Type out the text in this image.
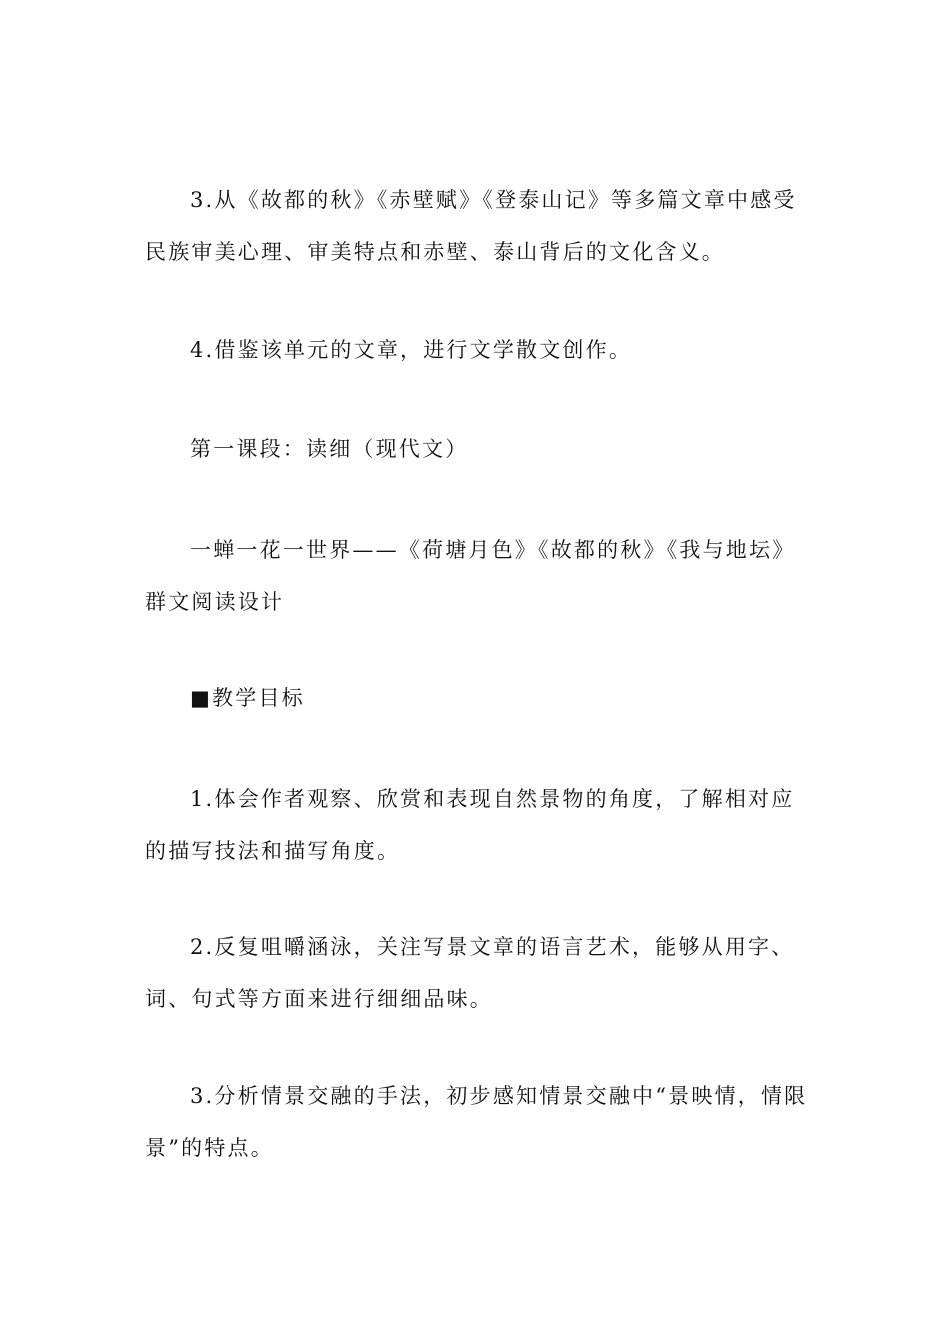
3.从《故都的秋》《赤壁赋》《登泰山记》等多篇文章中感受民族审美心理、审美特点和赤壁、泰山背后的文化含义。

4.借鉴该单元的文章，进行文学散文创作。

第一课段：读细（现代文）

一蝉一花一世界——《荷塘月色》《故都的秋》《我与地坛》群文阅读设计

■教学目标

1.体会作者观察、欣赏和表现自然景物的角度，了解相对应的描写技法和描写角度。

2.反复咀嚼涵泳，关注写景文章的语言艺术，能够从用字、词、句式等方面来进行细细品味。

3.分析情景交融的手法，初步感知情景交融中“景映情，情限景”的特点。
